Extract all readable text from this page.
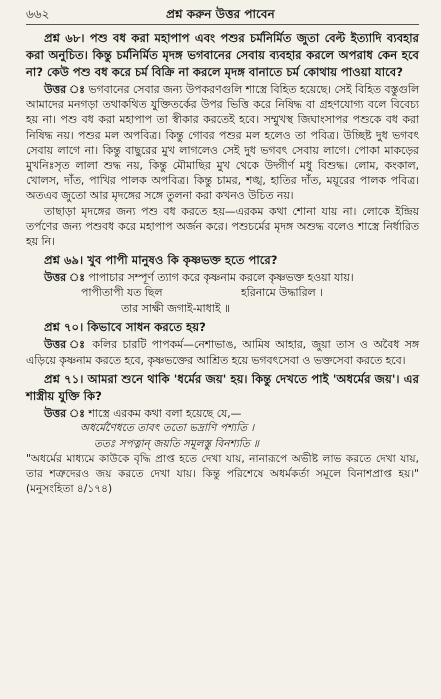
৬৬২	প্রশ্ন করুন উত্তর পাবেন
প্রশ্ন ৬৮। পশু বধ করা মহাপাপ এবং পশুর চর্মনির্মিত জুতা বেল্ট ইত্যাদি ব্যবহার করা অনুচিত। কিন্তু চর্মনির্মিত মৃদঙ্গ ভগবানের সেবায় ব্যবহার করলে অপরাধ কেন হবে না? কেউ পশু বধ করে চর্ম বিক্রি না করলে মৃদঙ্গ বানাতে চর্ম কোথায় পাওয়া যাবে?

উত্তর ঃ ভগবানের সেবার জন্য উপকরণগুলি শাস্ত্রে বিহিত হয়েছে। সেই বিহিত বস্তুগুলি আমাদের মনগড়া তথাকথিত যুক্তিতর্কের উপর ভিত্তি করে নিষিদ্ধ বা গ্রহণযোগ্য বলে বিবেচ্য হয় না। পশু বধ করা মহাপাপ তা স্বীকার করতেই হবে। সম্মুখস্থ জিঘাংসাপর পশুকে বধ করা নিষিদ্ধ নয়। পশুর মল অপবিত্র। কিন্তু গোবর পশুর মল হলেও তা পবিত্র। উচ্ছিষ্ট দুধ ভগবৎ সেবায় লাগে না। কিন্তু বাছুরের মুখ লাগলেও সেই দুধ ভগবৎ সেবায় লাগে। পোকা মাকড়ের মুখনিঃসৃত লালা শুদ্ধ নয়, কিন্তু মৌমাছির মুখ থেকে উদ্গীর্ণ মধু বিশুদ্ধ। লোম, কংকাল, খোলস, দাঁত, পাখির পালক অপবিত্র। কিন্তু চামর, শঙ্খ, হাতির দাঁত, ময়ূরের পালক পবিত্র। অতএব জুতো আর মৃদঙ্গের সঙ্গে তুলনা করা কখনও উচিত নয়।

তাছাড়া মৃদঙ্গের জন্য পশু বধ করতে হয়—এরকম কথা শোনা যায় না। লোকে ইন্দ্রিয় তর্পণের জন্য পশুবধ করে মহাপাপ অর্জন করে। পশুচর্মের মৃদঙ্গ অশুদ্ধ বলেও শাস্ত্রে নির্ধারিত হয় নি।

প্রশ্ন ৬৯। খুব পাপী মানুষও কি কৃষ্ণভক্ত হতে পারে?

উত্তর ঃ পাপাচার সম্পূর্ণ ত্যাগ করে কৃষ্ণনাম করলে কৃষ্ণভক্ত হওয়া যায়।

পাপীতাপী যত ছিল	হরিনামে উদ্ধারিল ।
তার সাক্ষী জগাই-মাধাই ॥
প্রশ্ন ৭০। কিভাবে সাধন করতে হয়?

উত্তর ঃ কলির চারটি পাপকর্ম—নেশাভাঙ, আমিষ আহার, জুয়া তাস ও অবৈধ সঙ্গ এড়িয়ে কৃষ্ণনাম করতে হবে, কৃষ্ণভক্তের আশ্রিত হয়ে ভগবৎসেবা ও ভক্তসেবা করতে হবে।

প্রশ্ন ৭১। আমরা শুনে থাকি 'ধর্মের জয়' হয়। কিন্তু দেখতে পাই 'অধর্মের জয়'। এর শাস্ত্রীয় যুক্তি কি?

উত্তর ঃ শাস্ত্রে এরকম কথা বলা হয়েছে যে,—

অধর্মেণৈধতে তাবৎ ততো ভদ্রাণি পশ্যতি ।
ততঃ সপত্নান্ জয়তি সমূলস্তু বিনশ্যতি ॥
"অধর্মের মাধ্যমে কাউকে বৃদ্ধি প্রাপ্ত হতে দেখা যায়, নানারূপে অভীষ্ট লাভ করতে দেখা যায়, তার শত্রুদেরও জয় করতে দেখা যায়। কিন্তু পরিশেষে অধর্মকর্তা সমূলে বিনাশপ্রাপ্ত হয়।" (মনুসংহিতা ৪/১৭৪)
